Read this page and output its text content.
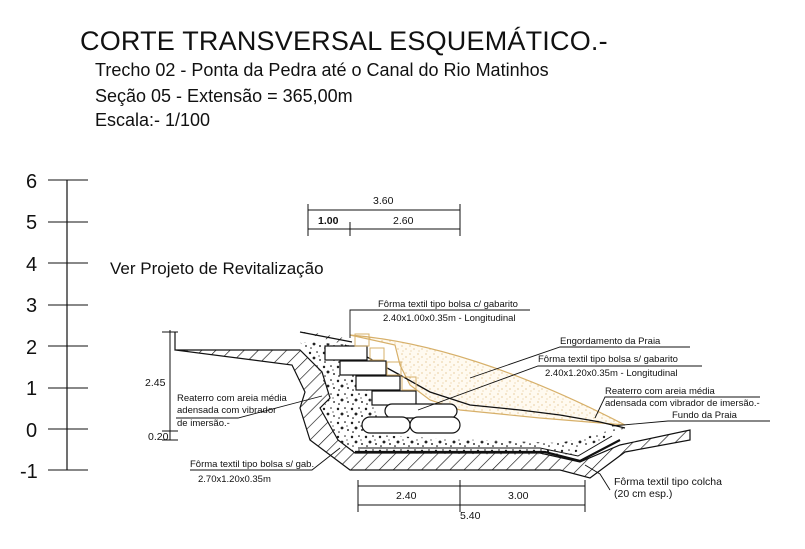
CORTE TRANSVERSAL ESQUEMÁTICO.-
Trecho 02 - Ponta da Pedra até o Canal do Rio Matinhos
Seção 05 - Extensão = 365,00m
Escala:- 1/100
6
5
4
3
2
1
0
-1
3.60
1.00	2.60
Ver Projeto de Revitalização
2.45
0.20
2.40	3.00
5.40
Fôrma textil tipo bolsa c/ gabarito
2.40x1.00x0.35m - Longitudinal
Engordamento da Praia
Fôrma textil tipo bolsa s/ gabarito
2.40x1.20x0.35m - Longitudinal
Reaterro com areia média
adensada com vibrador de imersão.-
Fundo da Praia
Reaterro com areia média
adensada com vibrador
de imersão.-
Fôrma textil tipo bolsa s/ gab.
2.70x1.20x0.35m	Fôrma textil tipo colcha
(20 cm esp.)
